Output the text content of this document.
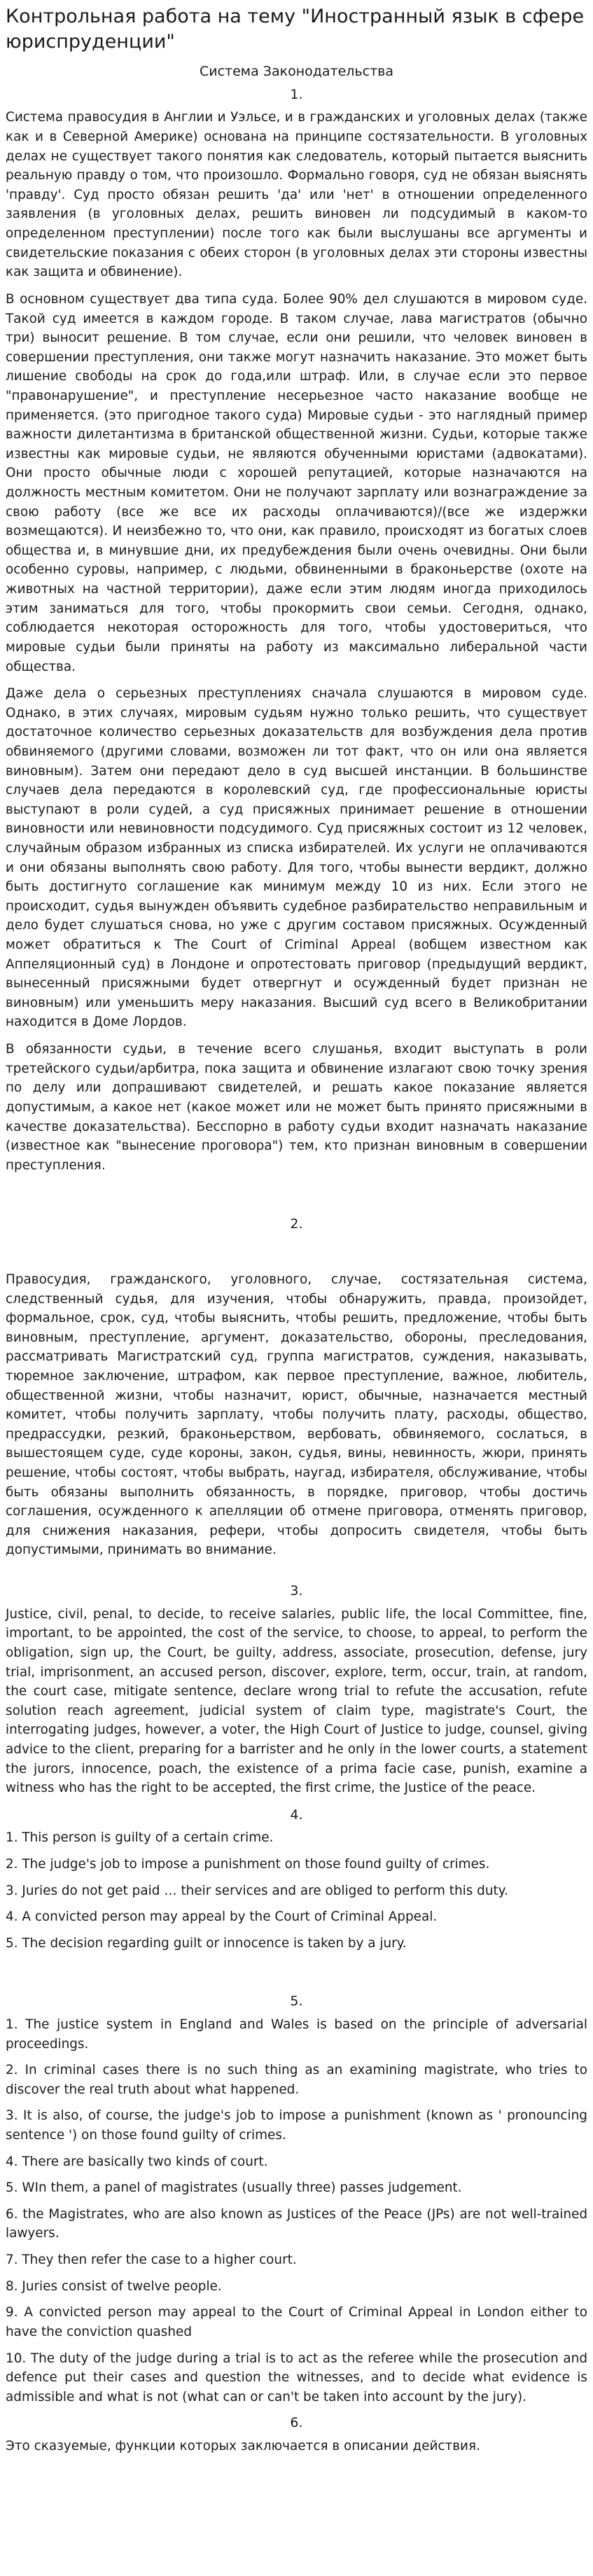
Контрольная работа на тему "Иностранный язык в сфере юриспруденции"
Система Законодательства
1.

Система правосудия в Англии и Уэльсе, и в гражданских и уголовных делах (также как и в Северной Америке) основана на принципе состязательности. В уголовных делах не существует такого понятия как следователь, который пытается выяснить реальную правду о том, что произошло. Формально говоря, суд не обязан выяснять 'правду'. Суд просто обязан решить 'да' или 'нет' в отношении определенного заявления (в уголовных делах, решить виновен ли подсудимый в каком-то определенном преступлении) после того как были выслушаны все аргументы и свидетельские показания с обеих сторон (в уголовных делах эти стороны известны как защита и обвинение).

В основном существует два типа суда. Более 90% дел слушаются в мировом суде. Такой суд имеется в каждом городе. В таком случае, лава магистратов (обычно три) выносит решение. В том случае, если они решили, что человек виновен в совершении преступления, они также могут назначить наказание. Это может быть лишение свободы на срок до года,или штраф. Или, в случае если это первое "правонарушение", и преступление несерьезное часто наказание вообще не применяется. (это пригодное такого суда) Мировые судьи - это наглядный пример важности дилетантизма в британской общественной жизни. Судьи, которые также известны как мировые судьи, не являются обученными юристами (адвокатами). Они просто обычные люди с хорошей репутацией, которые назначаются на должность местным комитетом. Они не получают зарплату или вознаграждение за свою работу (все же все их расходы оплачиваются)/(все же издержки возмещаются). И неизбежно то, что они, как правило, происходят из богатых слоев общества и, в минувшие дни, их предубеждения были очень очевидны. Они были особенно суровы, например, с людьми, обвиненными в браконьерстве (охоте на животных на частной территории), даже если этим людям иногда приходилось этим заниматься для того, чтобы прокормить свои семьи. Сегодня, однако, соблюдается некоторая осторожность для того, чтобы удостовериться, что мировые судьи были приняты на работу из максимально либеральной части общества.

Даже дела о серьезных преступлениях сначала слушаются в мировом суде. Однако, в этих случаях, мировым судьям нужно только решить, что существует достаточное количество серьезных доказательств для возбуждения дела против обвиняемого (другими словами, возможен ли тот факт, что он или она является виновным). Затем они передают дело в суд высшей инстанции. В большинстве случаев дела передаются в королевский суд, где профессиональные юристы выступают в роли судей, а суд присяжных принимает решение в отношении виновности или невиновности подсудимого. Суд присяжных состоит из 12 человек, случайным образом избранных из списка избирателей. Их услуги не оплачиваются и они обязаны выполнять свою работу. Для того, чтобы вынести вердикт, должно быть достигнуто соглашение как минимум между 10 из них. Если этого не происходит, судья вынужден объявить судебное разбирательство неправильным и дело будет слушаться снова, но уже с другим составом присяжных. Осужденный может обратиться к The Court of Criminal Appeal (вобщем известном как Аппеляционный суд) в Лондоне и опротестовать приговор (предыдущий вердикт, вынесенный присяжными будет отвергнут и осужденный будет признан не виновным) или уменьшить меру наказания. Высший суд всего в Великобритании находится в Доме Лордов.

В обязанности судьи, в течение всего слушанья, входит выступать в роли третейского судьи/арбитра, пока защита и обвинение излагают свою точку зрения по делу или допрашивают свидетелей, и решать какое показание является допустимым, а какое нет (какое может или не может быть принято присяжными в качестве доказательства). Бесспорно в работу судьи входит назначать наказание (известное как "вынесение проговора") тем, кто признан виновным в совершении преступления.

2.

Правосудия, гражданского, уголовного, случае, состязательная система, следственный судья, для изучения, чтобы обнаружить, правда, произойдет, формальное, срок, суд, чтобы выяснить, чтобы решить, предложение, чтобы быть виновным, преступление, аргумент, доказательство, обороны, преследования, рассматривать Магистратский суд, группа магистратов, суждения, наказывать, тюремное заключение, штрафом, как первое преступление, важное, любитель, общественной жизни, чтобы назначит, юрист, обычные, назначается местный комитет, чтобы получить зарплату, чтобы получить плату, расходы, общество, предрассудки, резкий, браконьерством, вербовать, обвиняемого, сослаться, в вышестоящем суде, суде короны, закон, судья, вины, невинность, жюри, принять решение, чтобы состоят, чтобы выбрать, наугад, избирателя, обслуживание, чтобы быть обязаны выполнить обязанность, в порядке, приговор, чтобы достичь соглашения, осужденного к апелляции об отмене приговора, отменять приговор, для снижения наказания, рефери, чтобы допросить свидетеля, чтобы быть допустимыми, принимать во внимание.

3.

Justice, civil, penal, to decide, to receive salaries, public life, the local Committee, fine, important, to be appointed, the cost of the service, to choose, to appeal, to perform the obligation, sign up, the Court, be guilty, address, associate, prosecution, defense, jury trial, imprisonment, an accused person, discover, explore, term, occur, train, at random, the court case, mitigate sentence, declare wrong trial to refute the accusation, refute solution reach agreement, judicial system of claim type, magistrate's Court, the interrogating judges, however, a voter, the High Court of Justice to judge, counsel, giving advice to the client, preparing for a barrister and he only in the lower courts, a statement the jurors, innocence, poach, the existence of a prima facie case, punish, examine a witness who has the right to be accepted, the first crime, the Justice of the peace.

4.
1. This person is guilty of a certain crime.
2. The judge's job to impose a punishment on those found guilty of crimes.
3. Juries do not get paid … their services and are obliged to perform this duty.
4. A convicted person may appeal by the Court of Criminal Appeal.
5. The decision regarding guilt or innocence is taken by a jury.
5.
1. The justice system in England and Wales is based on the principle of adversarial proceedings.
2. In criminal cases there is no such thing as an examining magistrate, who tries to discover the real truth about what happened.
3. It is also, of course, the judge's job to impose a punishment (known as ' pronouncing sentence ') on those found guilty of crimes.
4. There are basically two kinds of court.
5. WIn them, a panel of magistrates (usually three) passes judgement.
6. the Magistrates, who are also known as Justices of the Peace (JPs) are not well-trained lawyers.
7. They then refer the case to a higher court.
8. Juries consist of twelve people.
9. A convicted person may appeal to the Court of Criminal Appeal in London either to have the conviction quashed
10. The duty of the judge during a trial is to act as the referee while the prosecution and defence put their cases and question the witnesses, and to decide what evidence is admissible and what is not (what can or can't be taken into account by the jury).
6.

Это сказуемые, функции которых заключается в описании действия.
